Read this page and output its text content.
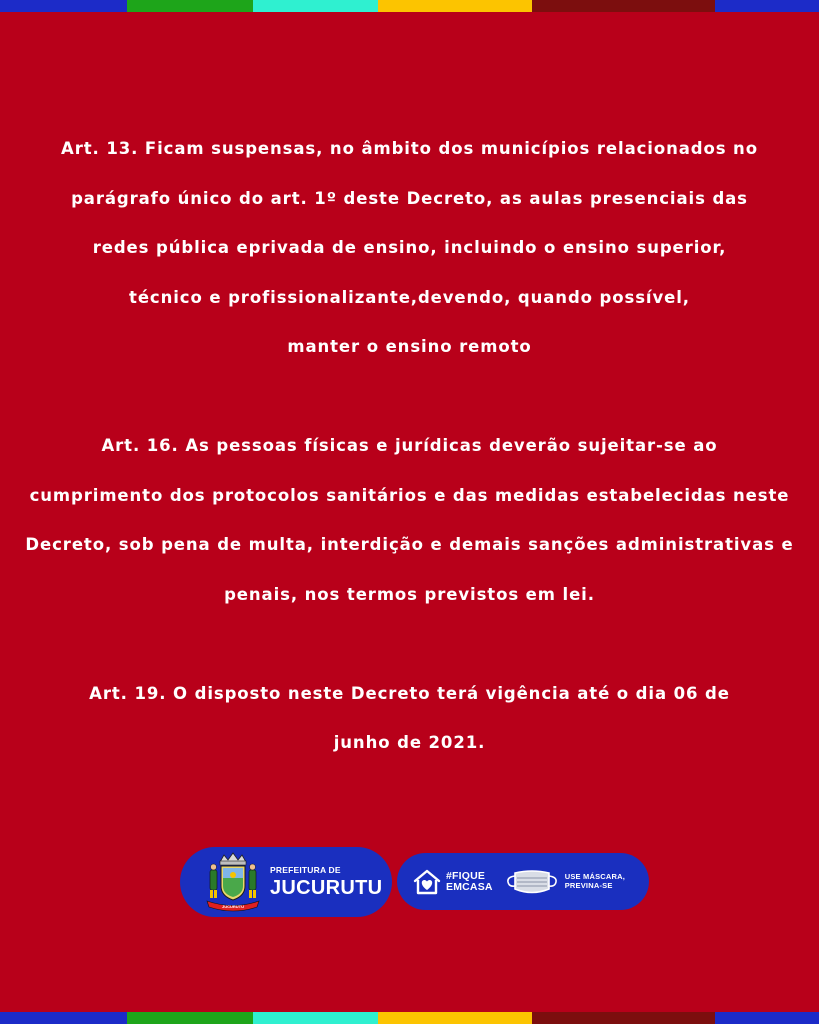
Art. 13. Ficam suspensas, no âmbito dos municípios relacionados no
parágrafo único do art. 1º deste Decreto, as aulas presenciais das
redes pública eprivada de ensino, incluindo o ensino superior,
técnico e profissionalizante,devendo, quando possível,
manter o ensino remoto
Art. 16. As pessoas físicas e jurídicas deverão sujeitar-se ao
cumprimento dos protocolos sanitários e das medidas estabelecidas neste
Decreto, sob pena de multa, interdição e demais sanções administrativas e
penais, nos termos previstos em lei.
Art. 19. O disposto neste Decreto terá vigência até o dia 06 de
junho de 2021.
JUCURUTU
PREFEITURA DE
JUCURUTU
#FIQUE
EMCASA
USE MÁSCARA,
PREVINA-SE
